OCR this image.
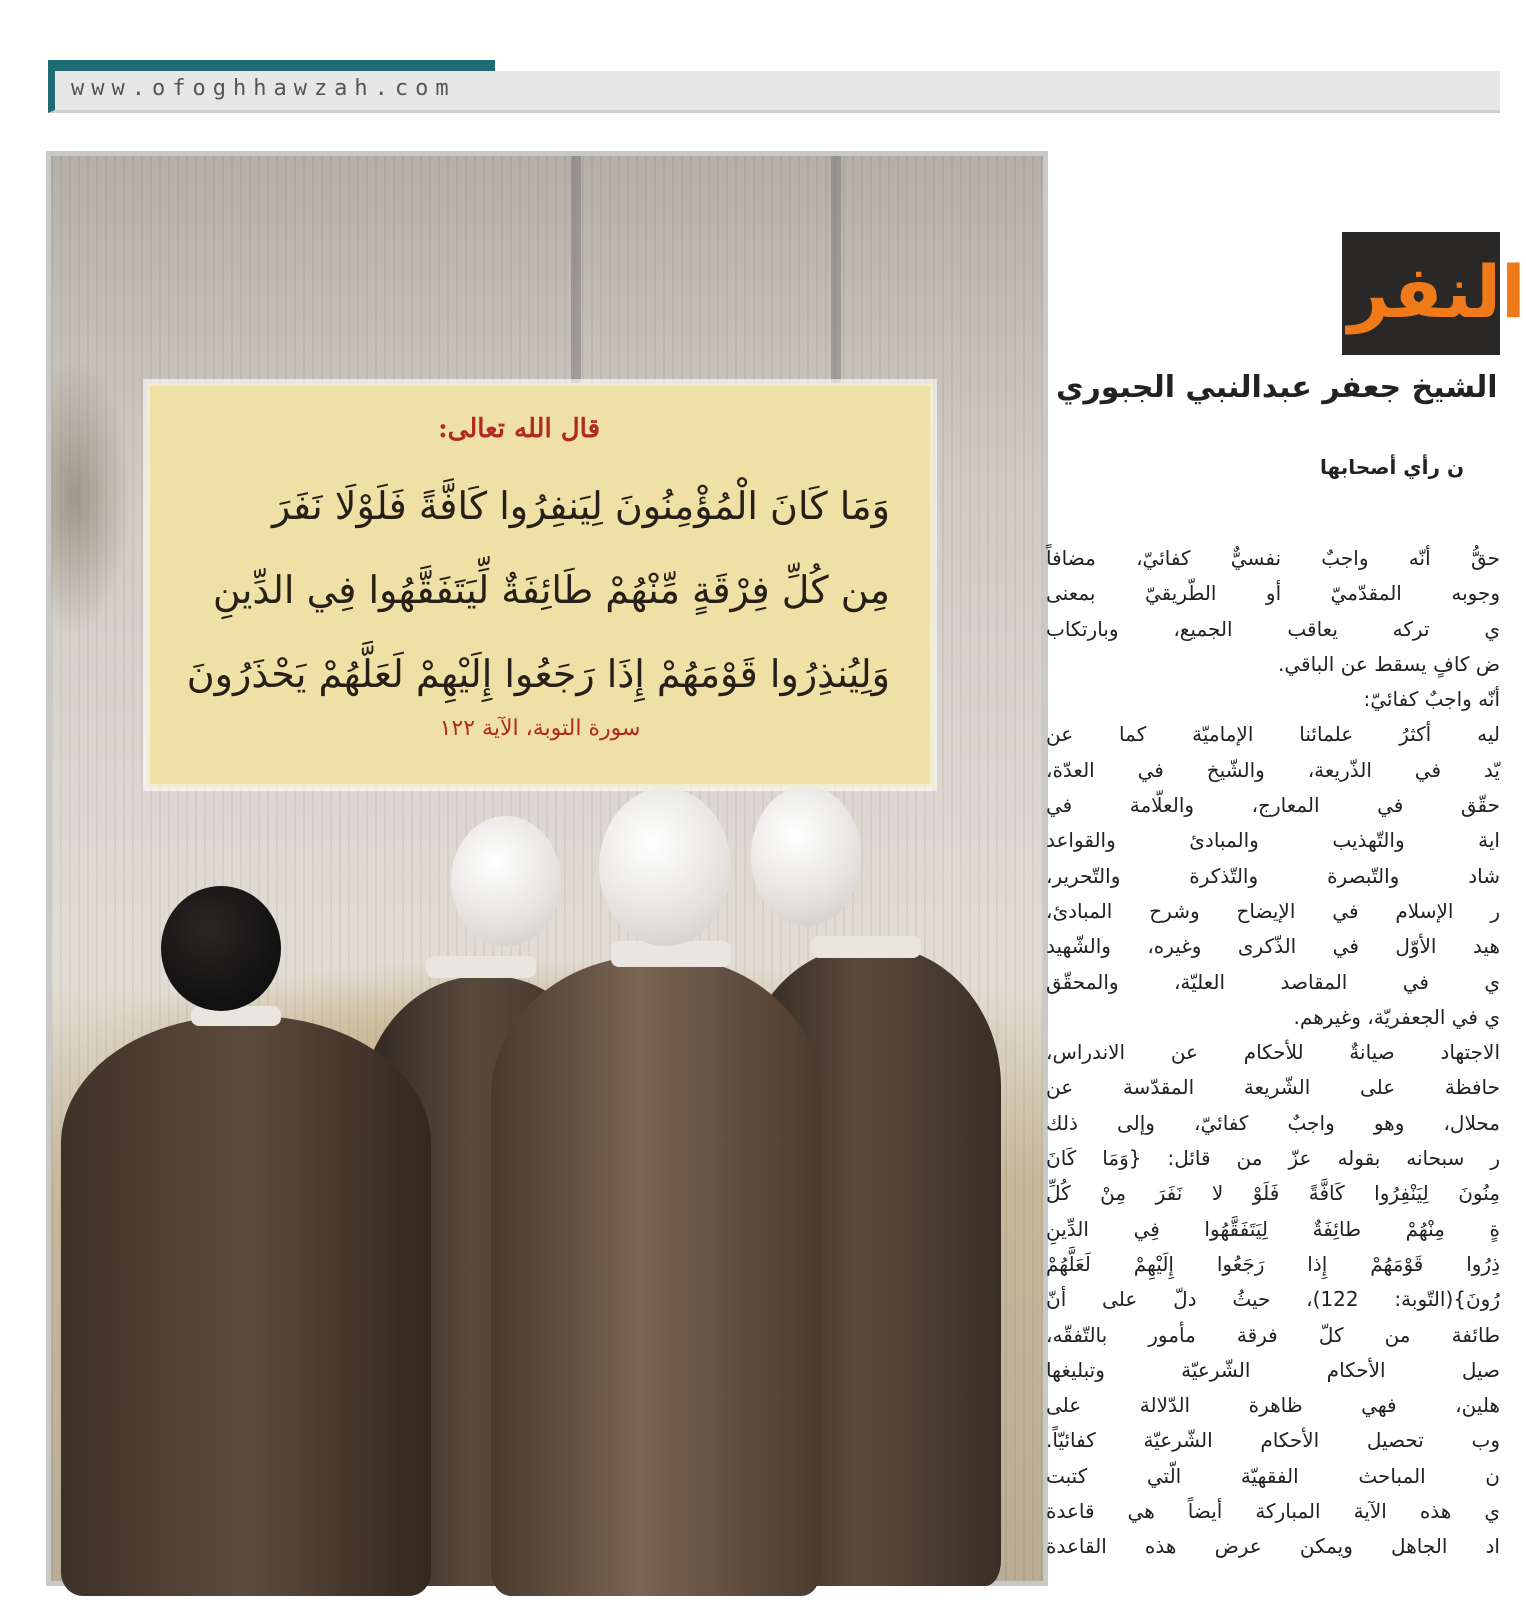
www.ofoghhawzah.com
قال الله تعالى:
وَمَا كَانَ الْمُؤْمِنُونَ لِيَنفِرُوا كَافَّةً فَلَوْلَا نَفَرَ
مِن كُلِّ فِرْقَةٍ مِّنْهُمْ طَائِفَةٌ لِّيَتَفَقَّهُوا فِي الدِّينِ
وَلِيُنذِرُوا قَوْمَهُمْ إِذَا رَجَعُوا إِلَيْهِمْ لَعَلَّهُمْ يَحْذَرُونَ
سورة التوبة، الآية ١٢٢
النفر
الشيخ جعفر عبدالنبي الجبوري
ن رأي أصحابها
حقُّ أنّه واجبٌ نفسيٌّ كفائيّ، مضافاً
وجوبه المقدّميّ أو الطّريقيّ بمعنى
ي تركه يعاقب الجميع، وبارتكاب
ض كافٍ يسقط عن الباقي.
أنّه واجبٌ كفائيّ:
ليه أكثرُ علمائنا الإماميّة كما عن
يّد في الذّريعة، والشّيخ في العدّة،
حقّق في المعارج، والعلّامة في
اية والتّهذيب والمبادئ والقواعد
شاد والتّبصرة والتّذكرة والتّحرير،
ر الإسلام في الإيضاح وشرح المبادئ،
هيد الأوّل في الذّكرى وغيره، والشّهيد
ي في المقاصد العليّة، والمحقّق
ي في الجعفريّة، وغيرهم.
الاجتهاد صيانةٌ للأحكام عن الاندراس،
حافظة على الشّريعة المقدّسة عن
محلال، وهو واجبٌ كفائيّ، وإلى ذلك
ر سبحانه بقوله عزّ من قائل: {وَمَا كَانَ
مِنُونَ لِيَنْفِرُوا كَافَّةً فَلَوْ لا نَفَرَ مِنْ كُلِّ
ةٍ مِنْهُمْ طائِفَةٌ لِيَتَفَقَّهُوا فِي الدِّينِ
ذِرُوا قَوْمَهُمْ إِذا رَجَعُوا إِلَيْهِمْ لَعَلَّهُمْ
رُونَ}(التّوبة: 122)، حيثُ دلّ على أنّ
طائفة من كلّ فرقة مأمور بالتّفقّه،
صيل الأحكام الشّرعيّة وتبليغها
هلين، فهي ظاهرة الدّلالة على
وب تحصيل الأحكام الشّرعيّة كفائيّاً.
ن المباحث الفقهيّة الّتي كتبت
ي هذه الآية المباركة أيضاً هي قاعدة
اد الجاهل ويمكن عرض هذه القاعدة
